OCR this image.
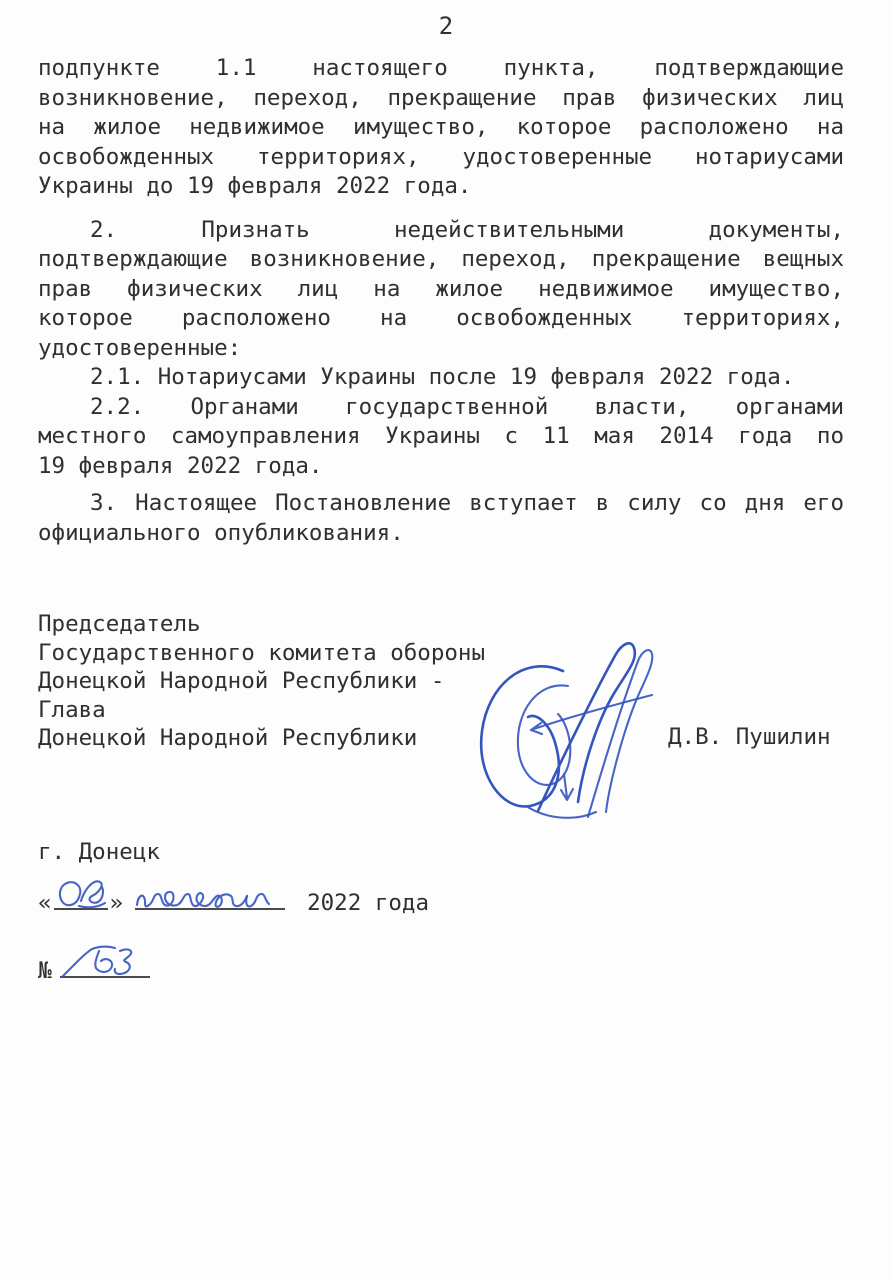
2
подпункте 1.1 настоящего пункта, подтверждающие
возникновение, переход, прекращение прав физических лиц
на жилое недвижимое имущество, которое расположено на
освобожденных территориях, удостоверенные нотариусами
Украины до 19 февраля 2022 года.
2. Признать недействительными документы,
подтверждающие возникновение, переход, прекращение вещных
прав физических лиц на жилое недвижимое имущество,
которое расположено на освобожденных территориях,
удостоверенные:
2.1. Нотариусами Украины после 19 февраля 2022 года.
2.2. Органами государственной власти, органами
местного самоуправления Украины с 11 мая 2014 года по
19 февраля 2022 года.
3. Настоящее Постановление вступает в силу со дня его
официального опубликования.
Председатель
Государственного комитета обороны
Донецкой Народной Республики -
Глава
Донецкой Народной Республики	Д.В. Пушилин
г. Донецк
«	»	2022 года
№
